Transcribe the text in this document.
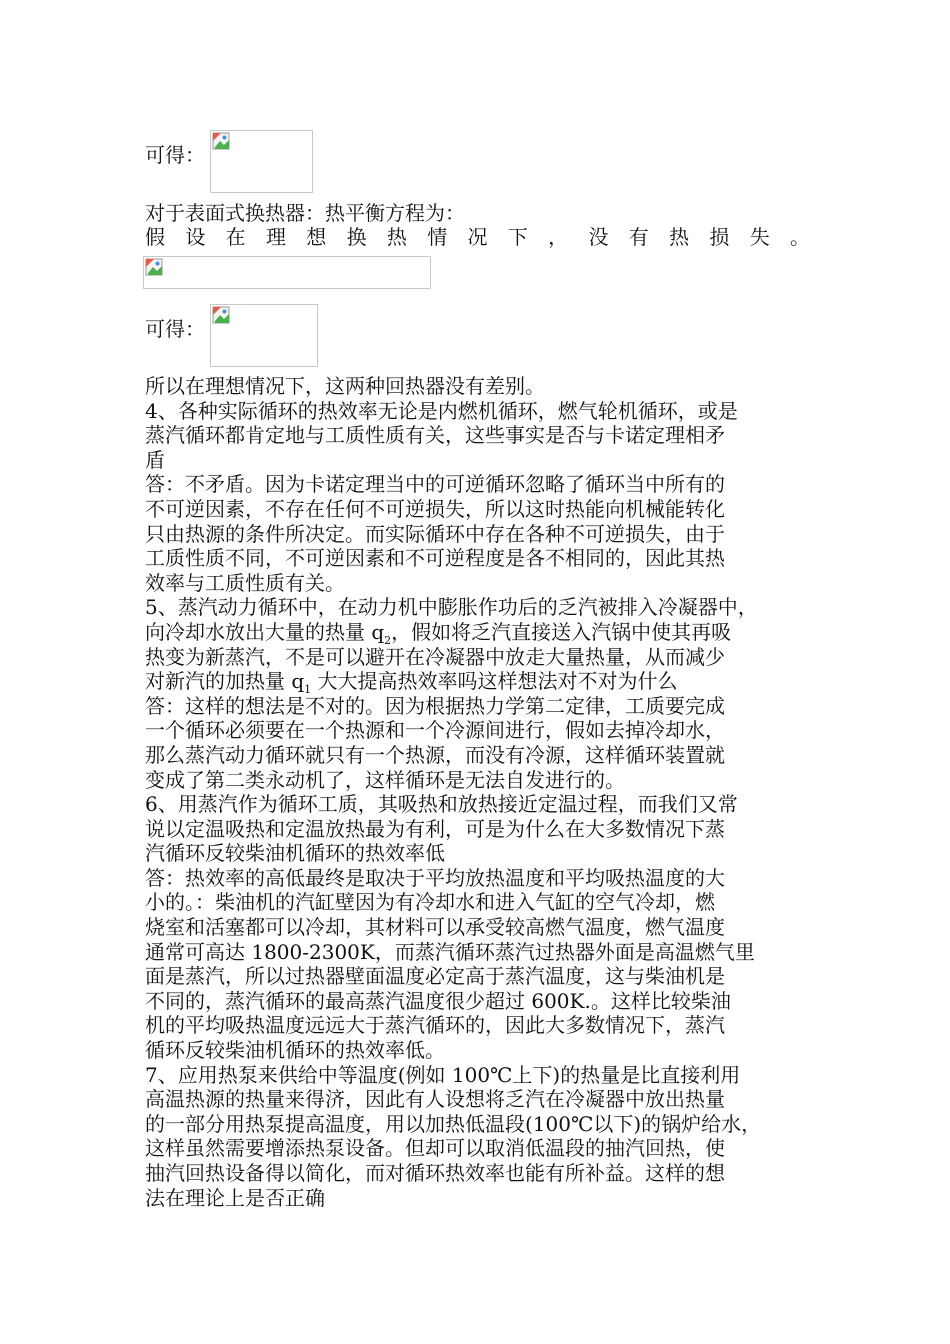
可得：
对于表面式换热器：热平衡方程为：
假 设 在 理 想 换 热 情 况 下 ， 没 有 热 损 失 。
可得：
所以在理想情况下，这两种回热器没有差别。
4、各种实际循环的热效率无论是内燃机循环，燃气轮机循环，或是
蒸汽循环都肯定地与工质性质有关，这些事实是否与卡诺定理相矛
盾
答：不矛盾。因为卡诺定理当中的可逆循环忽略了循环当中所有的
不可逆因素，不存在任何不可逆损失，所以这时热能向机械能转化
只由热源的条件所决定。而实际循环中存在各种不可逆损失，由于
工质性质不同，不可逆因素和不可逆程度是各不相同的，因此其热
效率与工质性质有关。
5、蒸汽动力循环中，在动力机中膨胀作功后的乏汽被排入冷凝器中，
向冷却水放出大量的热量 $q_2$，假如将乏汽直接送入汽锅中使其再吸
热变为新蒸汽，不是可以避开在冷凝器中放走大量热量，从而减少
对新汽的加热量 $q_1$ 大大提高热效率吗这样想法对不对为什么
答：这样的想法是不对的。因为根据热力学第二定律，工质要完成
一个循环必须要在一个热源和一个冷源间进行，假如去掉冷却水，
那么蒸汽动力循环就只有一个热源，而没有冷源，这样循环装置就
变成了第二类永动机了，这样循环是无法自发进行的。
6、用蒸汽作为循环工质，其吸热和放热接近定温过程，而我们又常
说以定温吸热和定温放热最为有利，可是为什么在大多数情况下蒸
汽循环反较柴油机循环的热效率低
答：热效率的高低最终是取决于平均放热温度和平均吸热温度的大
小的。：柴油机的汽缸壁因为有冷却水和进入气缸的空气冷却，燃
烧室和活塞都可以冷却，其材料可以承受较高燃气温度，燃气温度
通常可高达 1800-2300K，而蒸汽循环蒸汽过热器外面是高温燃气里
面是蒸汽，所以过热器壁面温度必定高于蒸汽温度，这与柴油机是
不同的，蒸汽循环的最高蒸汽温度很少超过 600K.。这样比较柴油
机的平均吸热温度远远大于蒸汽循环的，因此大多数情况下，蒸汽
循环反较柴油机循环的热效率低。
7、应用热泵来供给中等温度(例如 100℃上下)的热量是比直接利用
高温热源的热量来得济，因此有人设想将乏汽在冷凝器中放出热量
的一部分用热泵提高温度，用以加热低温段(100℃以下)的锅炉给水，
这样虽然需要增添热泵设备。但却可以取消低温段的抽汽回热，使
抽汽回热设备得以简化，而对循环热效率也能有所补益。这样的想
法在理论上是否正确
